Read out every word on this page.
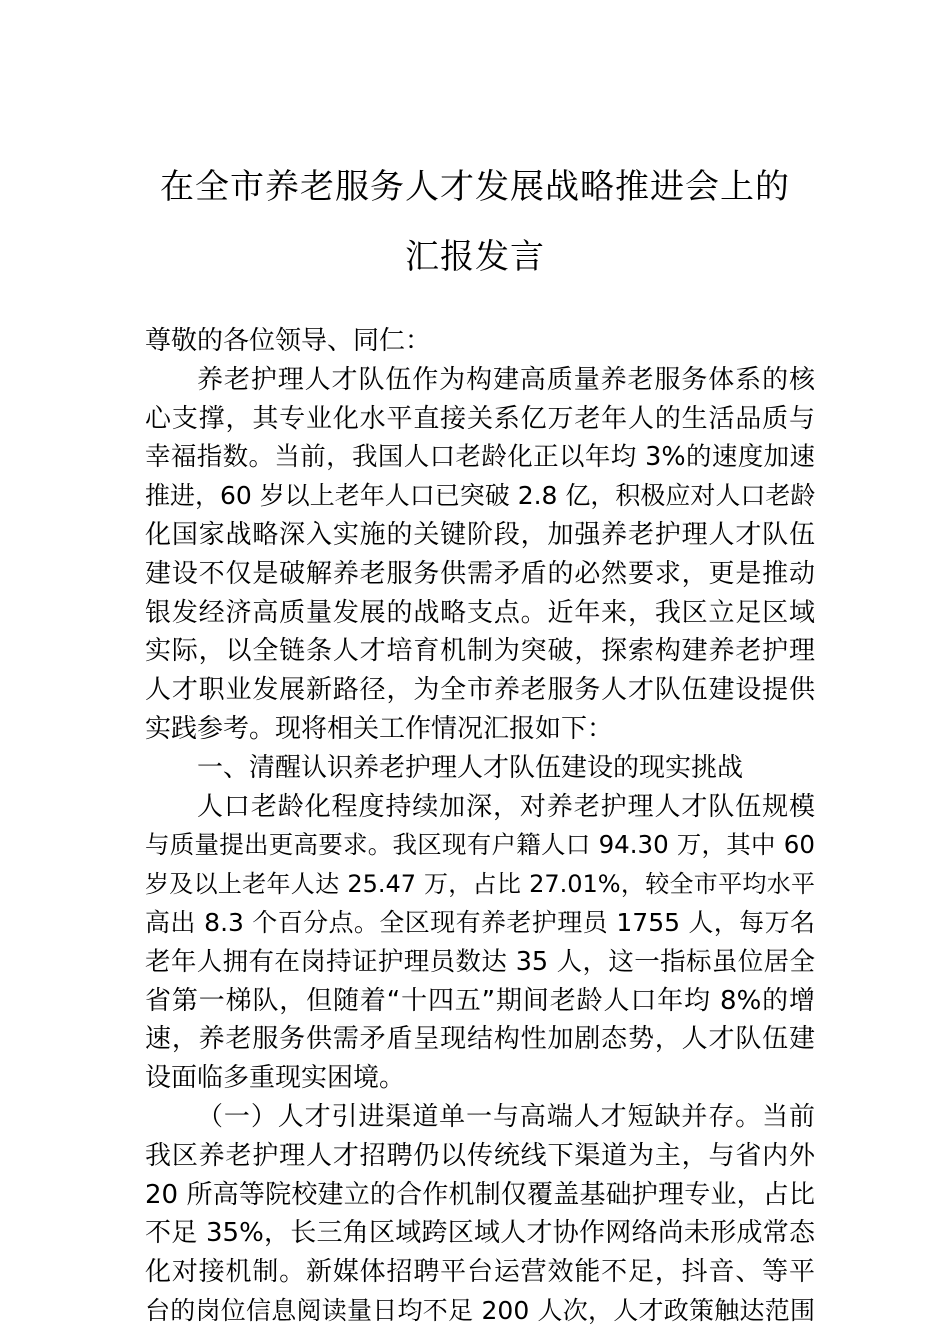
在全市养老服务人才发展战略推进会上的
汇报发言
尊敬的各位领导、同仁：
养老护理人才队伍作为构建高质量养老服务体系的核
心支撑，其专业化水平直接关系亿万老年人的生活品质与
幸福指数。当前，我国人口老龄化正以年均 3%的速度加速
推进，60 岁以上老年人口已突破 2.8 亿，积极应对人口老龄
化国家战略深入实施的关键阶段，加强养老护理人才队伍
建设不仅是破解养老服务供需矛盾的必然要求，更是推动
银发经济高质量发展的战略支点。近年来，我区立足区域
实际，以全链条人才培育机制为突破，探索构建养老护理
人才职业发展新路径，为全市养老服务人才队伍建设提供
实践参考。现将相关工作情况汇报如下：
一、清醒认识养老护理人才队伍建设的现实挑战
人口老龄化程度持续加深，对养老护理人才队伍规模
与质量提出更高要求。我区现有户籍人口 94.30 万，其中 60
岁及以上老年人达 25.47 万，占比 27.01%，较全市平均水平
高出 8.3 个百分点。全区现有养老护理员 1755 人，每万名
老年人拥有在岗持证护理员数达 35 人，这一指标虽位居全
省第一梯队，但随着“十四五”期间老龄人口年均 8%的增
速，养老服务供需矛盾呈现结构性加剧态势，人才队伍建
设面临多重现实困境。
（一）人才引进渠道单一与高端人才短缺并存。当前
我区养老护理人才招聘仍以传统线下渠道为主，与省内外
20 所高等院校建立的合作机制仅覆盖基础护理专业，占比
不足 35%，长三角区域跨区域人才协作网络尚未形成常态
化对接机制。新媒体招聘平台运营效能不足，抖音、等平
台的岗位信息阅读量日均不足 200 人次，人才政策触达范围
